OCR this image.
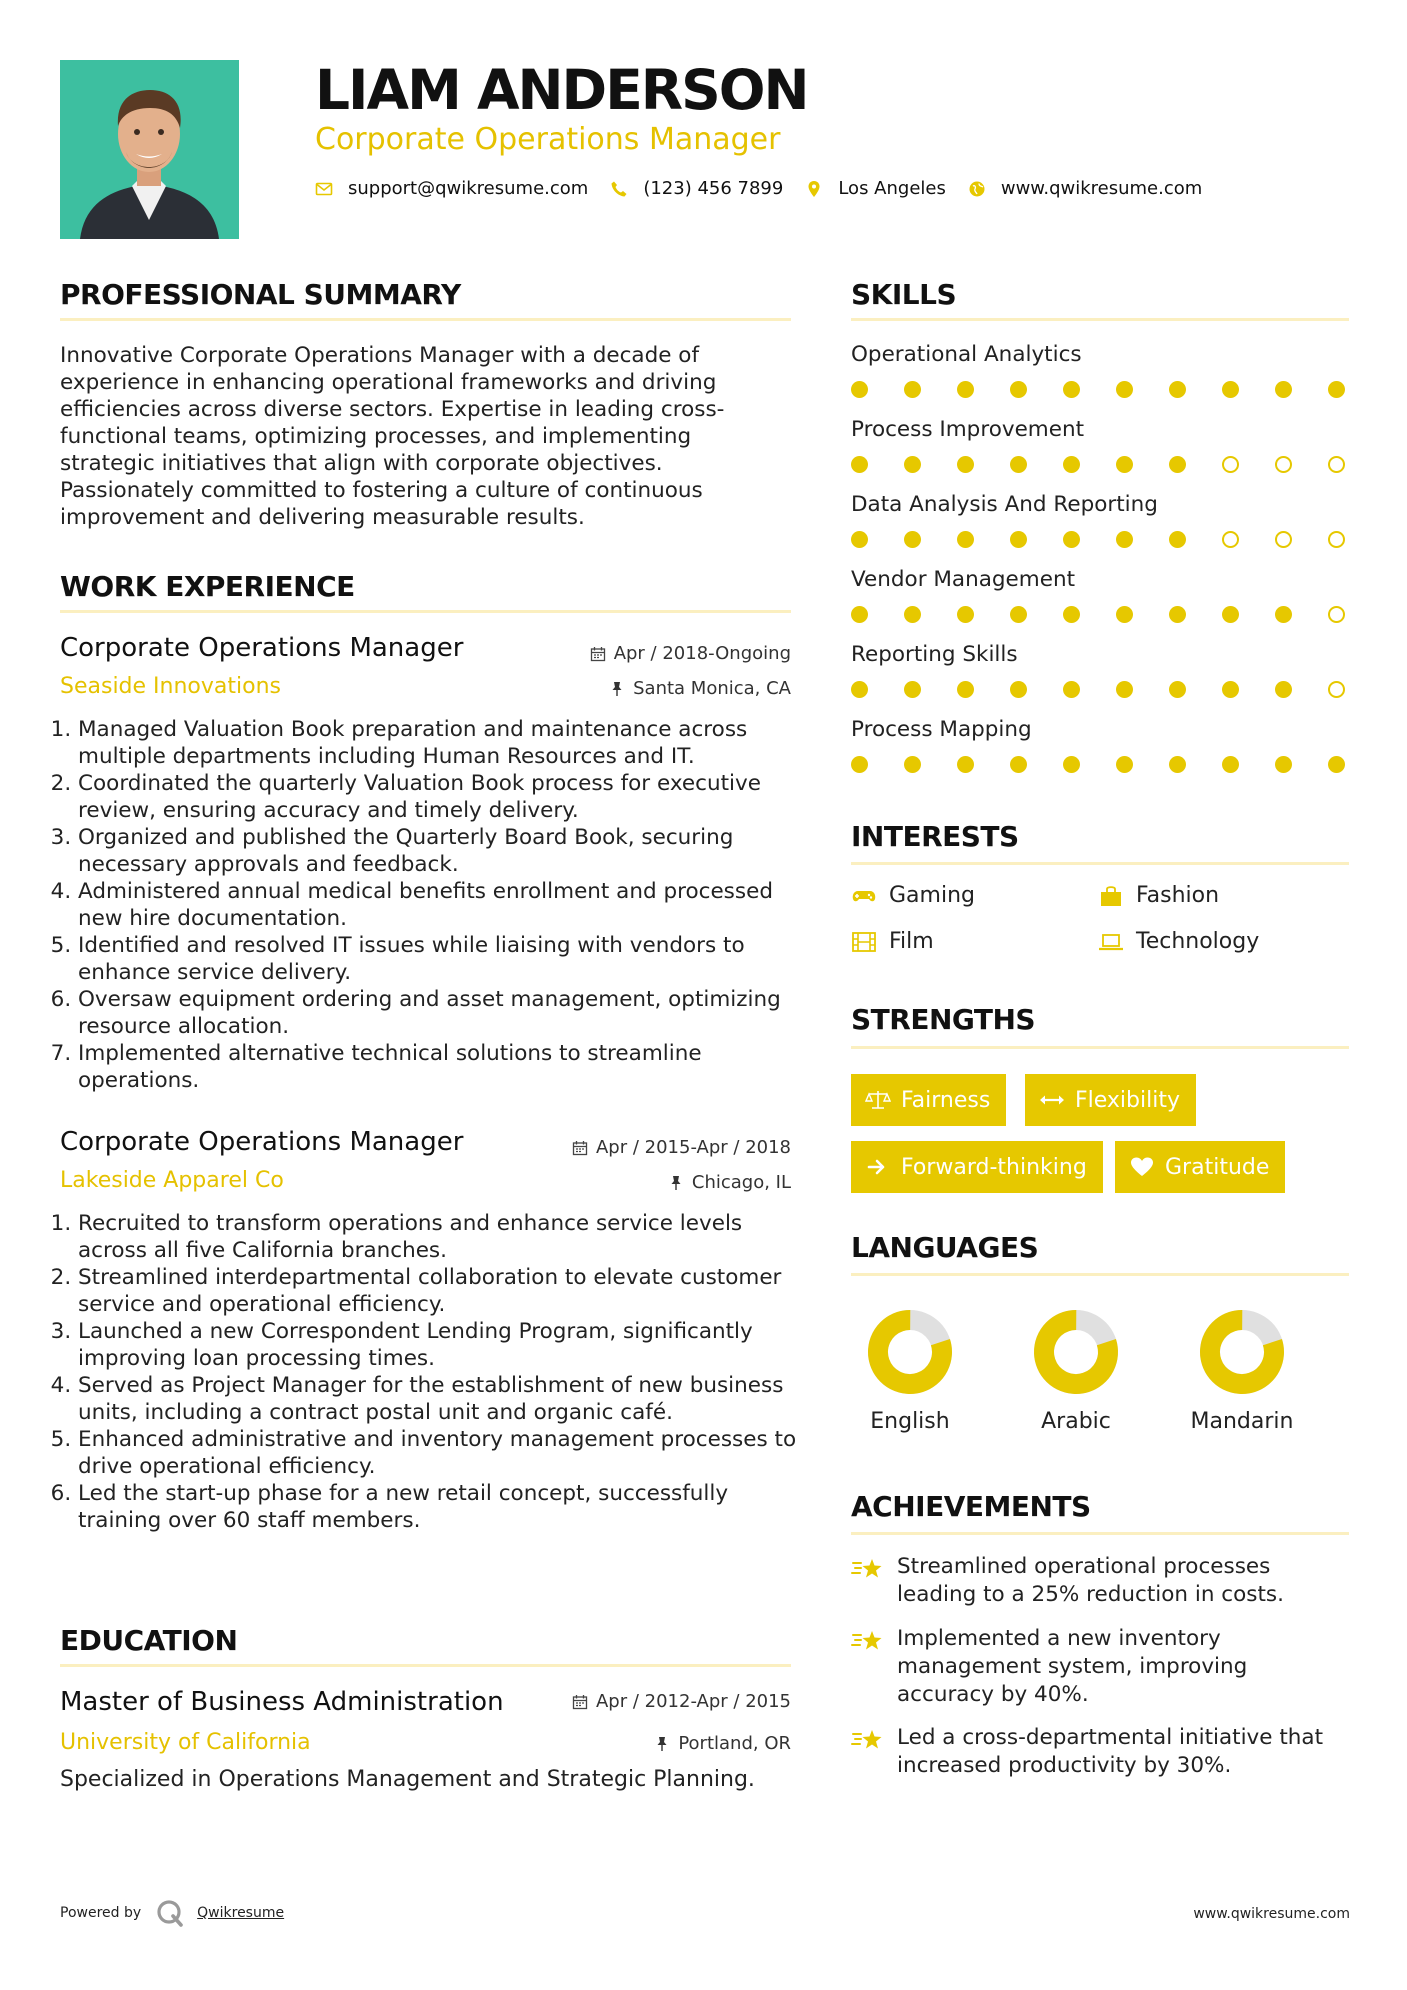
LIAM ANDERSON
Corporate Operations Manager
support@qwikresume.com	(123) 456 7899	Los Angeles	www.qwikresume.com
PROFESSIONAL SUMMARY
Innovative Corporate Operations Manager with a decade of experience in enhancing operational frameworks and driving efficiencies across diverse sectors. Expertise in leading cross-functional teams, optimizing processes, and implementing strategic initiatives that align with corporate objectives. Passionately committed to fostering a culture of continuous improvement and delivering measurable results.
WORK EXPERIENCE
Corporate Operations Manager	Apr / 2018-Ongoing
Seaside Innovations	Santa Monica, CA
1. Managed Valuation Book preparation and maintenance across multiple departments including Human Resources and IT.
2. Coordinated the quarterly Valuation Book process for executive review, ensuring accuracy and timely delivery.
3. Organized and published the Quarterly Board Book, securing necessary approvals and feedback.
4. Administered annual medical benefits enrollment and processed new hire documentation.
5. Identified and resolved IT issues while liaising with vendors to enhance service delivery.
6. Oversaw equipment ordering and asset management, optimizing resource allocation.
7. Implemented alternative technical solutions to streamline operations.
Corporate Operations Manager	Apr / 2015-Apr / 2018
Lakeside Apparel Co	Chicago, IL
1. Recruited to transform operations and enhance service levels across all five California branches.
2. Streamlined interdepartmental collaboration to elevate customer service and operational efficiency.
3. Launched a new Correspondent Lending Program, significantly improving loan processing times.
4. Served as Project Manager for the establishment of new business units, including a contract postal unit and organic café.
5. Enhanced administrative and inventory management processes to drive operational efficiency.
6. Led the start-up phase for a new retail concept, successfully training over 60 staff members.
EDUCATION
Master of Business Administration	Apr / 2012-Apr / 2015
University of California	Portland, OR
Specialized in Operations Management and Strategic Planning.
SKILLS
Operational Analytics
Process Improvement
Data Analysis And Reporting
Vendor Management
Reporting Skills
Process Mapping
INTERESTS
Gaming	Fashion
Film	Technology
STRENGTHS
Fairness	Flexibility
Forward-thinking	Gratitude
LANGUAGES
English	Arabic	Mandarin
ACHIEVEMENTS
Streamlined operational processes leading to a 25% reduction in costs.
Implemented a new inventory management system, improving accuracy by 40%.
Led a cross-departmental initiative that increased productivity by 30%.
Powered by	Qwikresume	www.qwikresume.com
